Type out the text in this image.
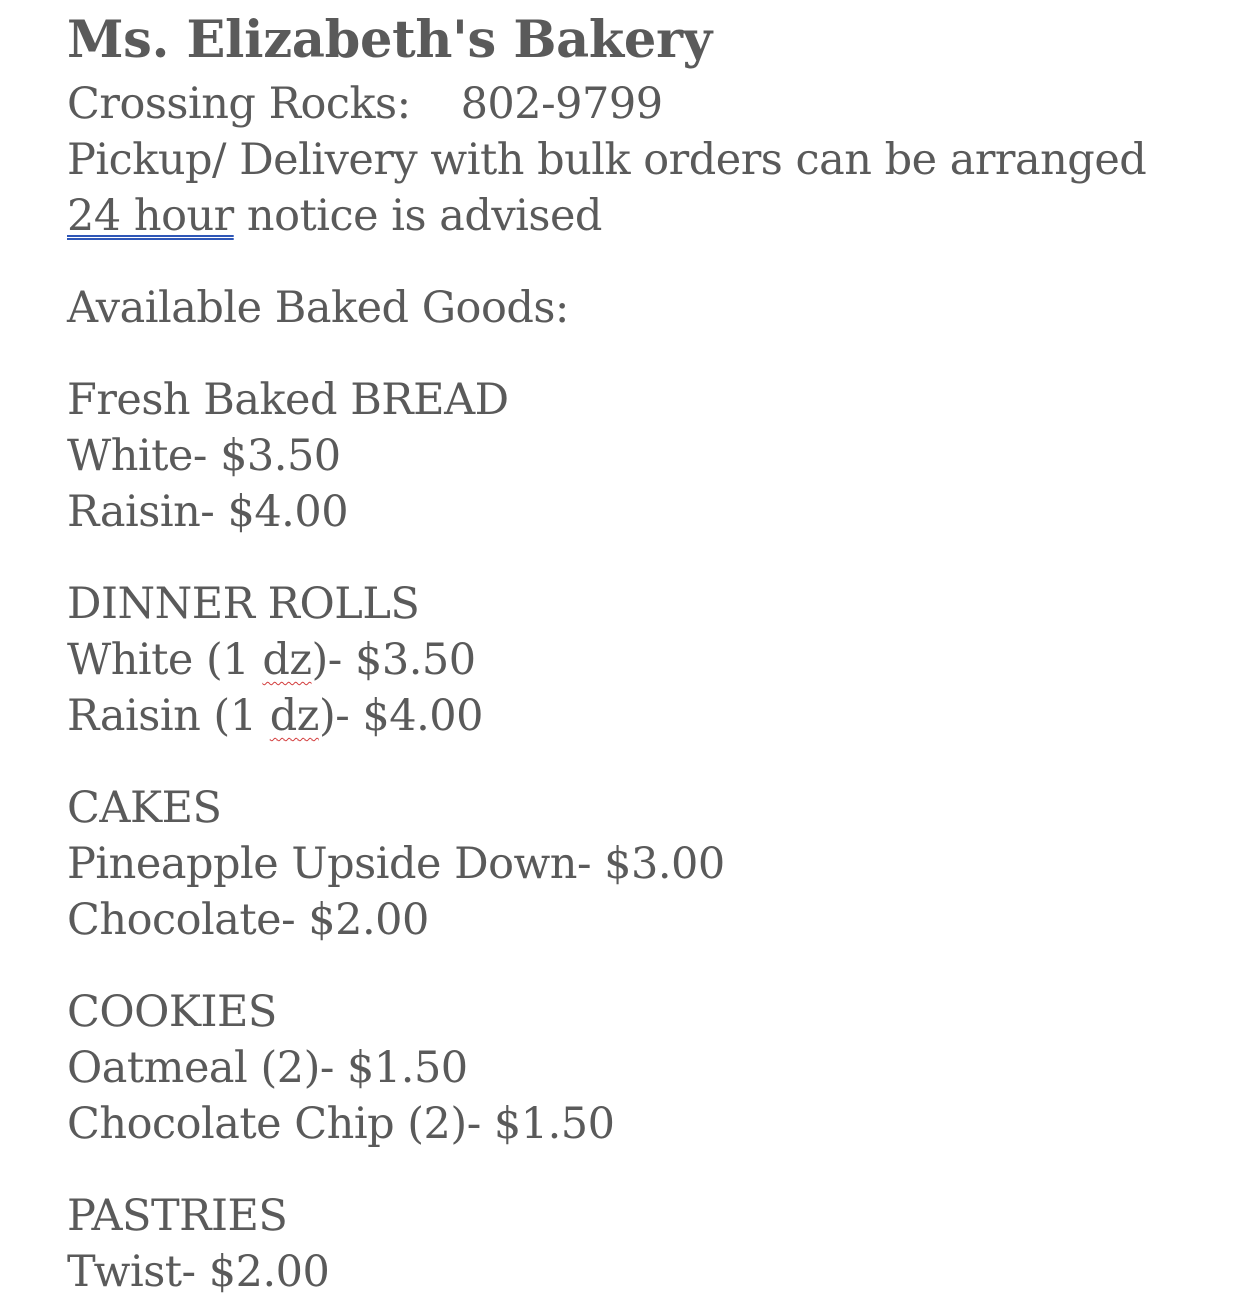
Ms. Elizabeth's Bakery
Crossing Rocks: 802-9799
Pickup/ Delivery with bulk orders can be arranged
24 hour notice is advised
Available Baked Goods:
Fresh Baked BREAD
White- $3.50
Raisin- $4.00
DINNER ROLLS
White (1 dz)- $3.50
Raisin (1 dz)- $4.00
CAKES
Pineapple Upside Down- $3.00
Chocolate- $2.00
COOKIES
Oatmeal (2)- $1.50
Chocolate Chip (2)- $1.50
PASTRIES
Twist- $2.00
